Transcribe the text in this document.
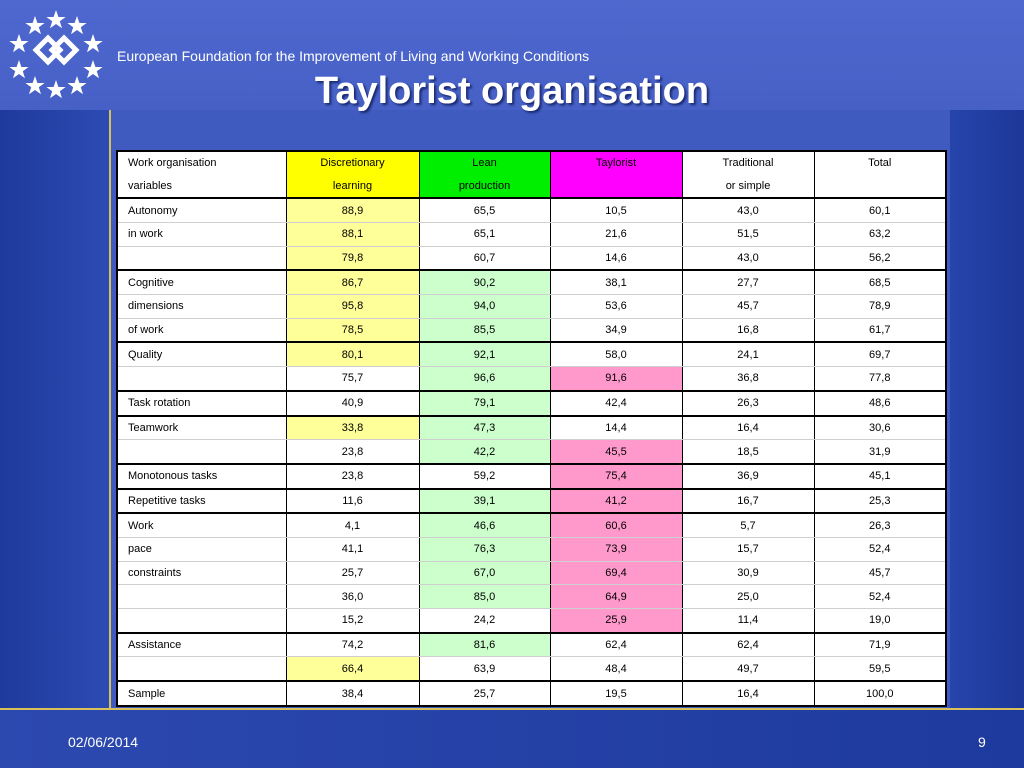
European Foundation for the Improvement of Living and Working Conditions
Taylorist organisation
Work organisation	Discretionary	Lean	Taylorist	Traditional	Total
variables	learning	production		or simple	
Autonomy	88,9	65,5	10,5	43,0	60,1
in work	88,1	65,1	21,6	51,5	63,2
	79,8	60,7	14,6	43,0	56,2
Cognitive	86,7	90,2	38,1	27,7	68,5
dimensions	95,8	94,0	53,6	45,7	78,9
of work	78,5	85,5	34,9	16,8	61,7
Quality	80,1	92,1	58,0	24,1	69,7
	75,7	96,6	91,6	36,8	77,8
Task rotation	40,9	79,1	42,4	26,3	48,6
Teamwork	33,8	47,3	14,4	16,4	30,6
	23,8	42,2	45,5	18,5	31,9
Monotonous tasks	23,8	59,2	75,4	36,9	45,1
Repetitive tasks	11,6	39,1	41,2	16,7	25,3
Work	4,1	46,6	60,6	5,7	26,3
pace	41,1	76,3	73,9	15,7	52,4
constraints	25,7	67,0	69,4	30,9	45,7
	36,0	85,0	64,9	25,0	52,4
	15,2	24,2	25,9	11,4	19,0
Assistance	74,2	81,6	62,4	62,4	71,9
	66,4	63,9	48,4	49,7	59,5
Sample	38,4	25,7	19,5	16,4	100,0
02/06/2014	9
